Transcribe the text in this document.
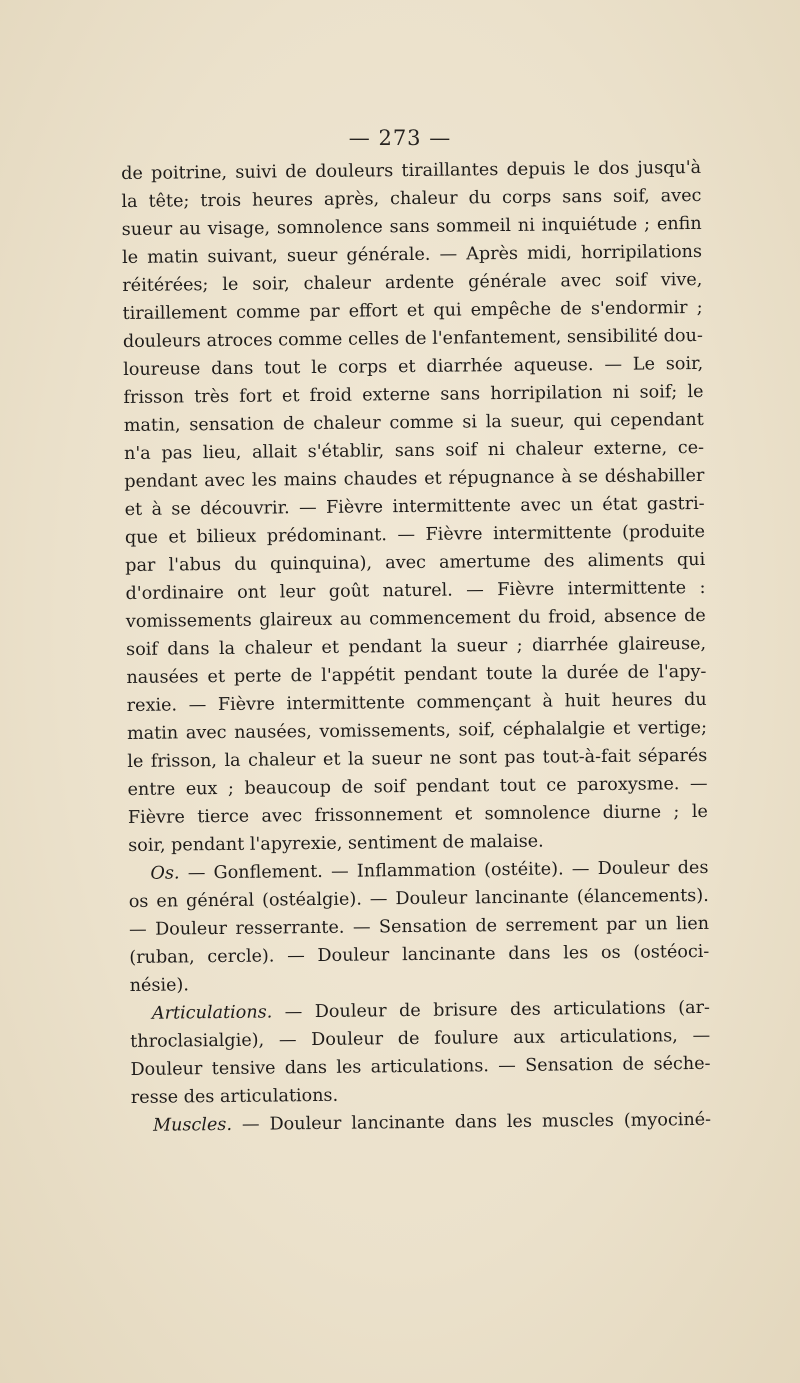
— 273 —
de poitrine, suivi de douleurs tiraillantes depuis le dos jusqu'à
la tête; trois heures après, chaleur du corps sans soif, avec
sueur au visage, somnolence sans sommeil ni inquiétude ; enfin
le matin suivant, sueur générale. — Après midi, horripilations
réitérées; le soir, chaleur ardente générale avec soif vive,
tiraillement comme par effort et qui empêche de s'endormir ;
douleurs atroces comme celles de l'enfantement, sensibilité dou-
loureuse dans tout le corps et diarrhée aqueuse. — Le soir,
frisson très fort et froid externe sans horripilation ni soif; le
matin, sensation de chaleur comme si la sueur, qui cependant
n'a pas lieu, allait s'établir, sans soif ni chaleur externe, ce-
pendant avec les mains chaudes et répugnance à se déshabiller
et à se découvrir. — Fièvre intermittente avec un état gastri-
que et bilieux prédominant. — Fièvre intermittente (produite
par l'abus du quinquina), avec amertume des aliments qui
d'ordinaire ont leur goût naturel. — Fièvre intermittente :
vomissements glaireux au commencement du froid, absence de
soif dans la chaleur et pendant la sueur ; diarrhée glaireuse,
nausées et perte de l'appétit pendant toute la durée de l'apy-
rexie. — Fièvre intermittente commençant à huit heures du
matin avec nausées, vomissements, soif, céphalalgie et vertige;
le frisson, la chaleur et la sueur ne sont pas tout-à-fait séparés
entre eux ; beaucoup de soif pendant tout ce paroxysme. —
Fièvre tierce avec frissonnement et somnolence diurne ; le
soir, pendant l'apyrexie, sentiment de malaise.
Os. — Gonflement. — Inflammation (ostéite). — Douleur des
os en général (ostéalgie). — Douleur lancinante (élancements).
— Douleur resserrante. — Sensation de serrement par un lien
(ruban, cercle). — Douleur lancinante dans les os (ostéoci-
nésie).
Articulations. — Douleur de brisure des articulations (ar-
throclasialgie), — Douleur de foulure aux articulations, —
Douleur tensive dans les articulations. — Sensation de séche-
resse des articulations.
Muscles. — Douleur lancinante dans les muscles (myociné-
